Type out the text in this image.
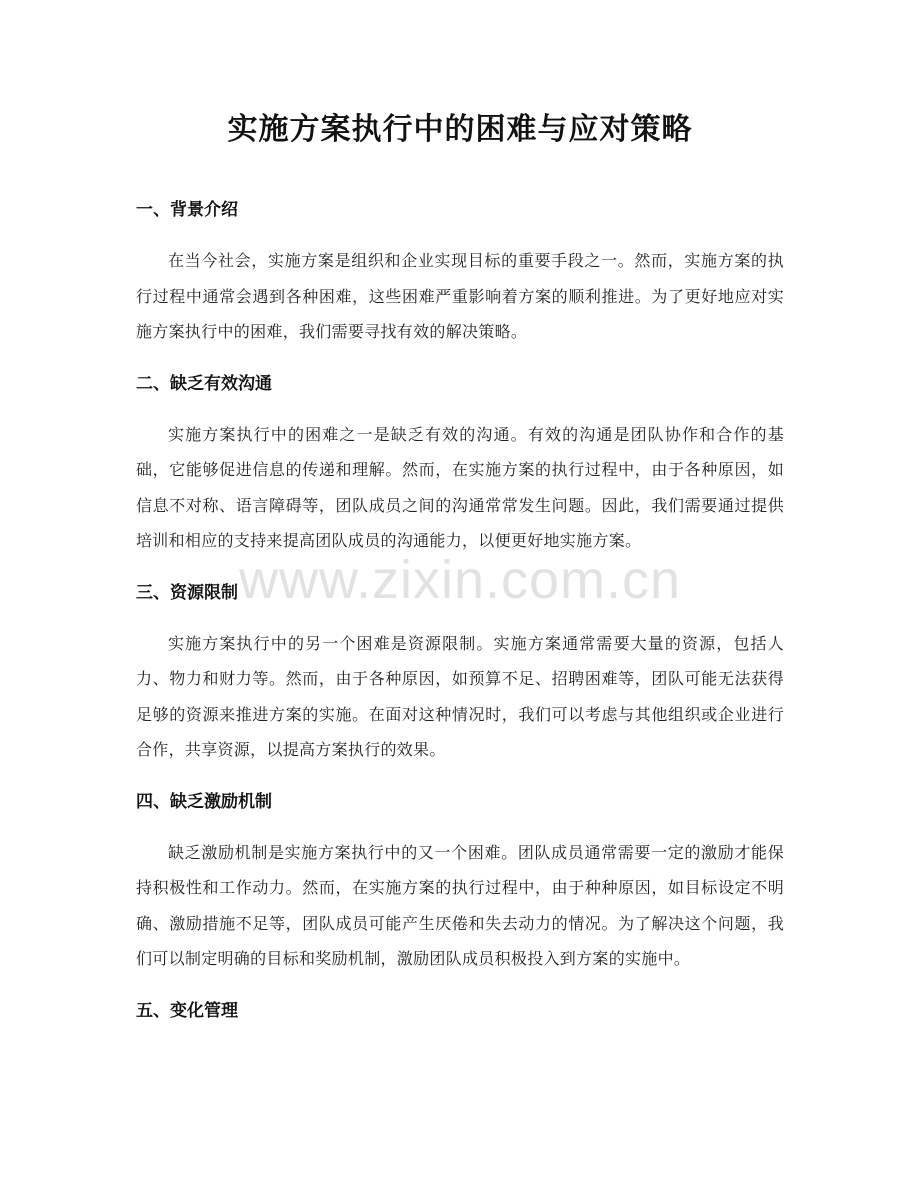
实施方案执行中的困难与应对策略
一、背景介绍

在当今社会，实施方案是组织和企业实现目标的重要手段之一。然而，实施方案的执行过程中通常会遇到各种困难，这些困难严重影响着方案的顺利推进。为了更好地应对实施方案执行中的困难，我们需要寻找有效的解决策略。

二、缺乏有效沟通

实施方案执行中的困难之一是缺乏有效的沟通。有效的沟通是团队协作和合作的基础，它能够促进信息的传递和理解。然而，在实施方案的执行过程中，由于各种原因，如信息不对称、语言障碍等，团队成员之间的沟通常常发生问题。因此，我们需要通过提供培训和相应的支持来提高团队成员的沟通能力，以便更好地实施方案。

三、资源限制

实施方案执行中的另一个困难是资源限制。实施方案通常需要大量的资源，包括人力、物力和财力等。然而，由于各种原因，如预算不足、招聘困难等，团队可能无法获得足够的资源来推进方案的实施。在面对这种情况时，我们可以考虑与其他组织或企业进行合作，共享资源，以提高方案执行的效果。

四、缺乏激励机制

缺乏激励机制是实施方案执行中的又一个困难。团队成员通常需要一定的激励才能保持积极性和工作动力。然而，在实施方案的执行过程中，由于种种原因，如目标设定不明确、激励措施不足等，团队成员可能产生厌倦和失去动力的情况。为了解决这个问题，我们可以制定明确的目标和奖励机制，激励团队成员积极投入到方案的实施中。

五、变化管理
www.zixin.com.cn
